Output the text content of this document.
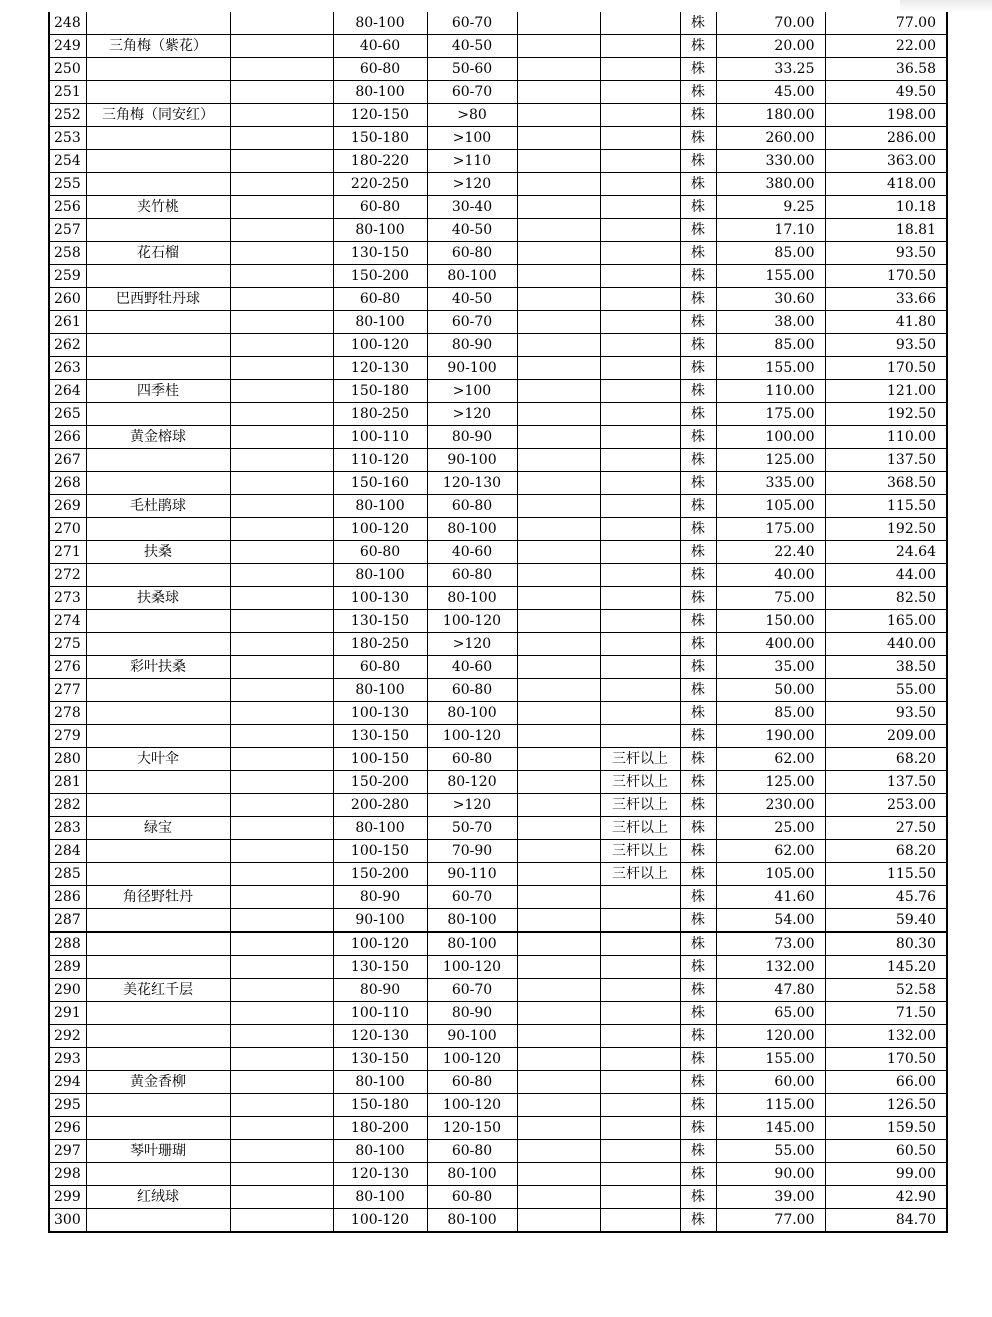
248			80-100	60-70			株	70.00	77.00
249	三角梅（紫花）		40-60	40-50			株	20.00	22.00
250			60-80	50-60			株	33.25	36.58
251			80-100	60-70			株	45.00	49.50
252	三角梅（同安红）		120-150	>80			株	180.00	198.00
253			150-180	>100			株	260.00	286.00
254			180-220	>110			株	330.00	363.00
255			220-250	>120			株	380.00	418.00
256	夹竹桃		60-80	30-40			株	9.25	10.18
257			80-100	40-50			株	17.10	18.81
258	花石榴		130-150	60-80			株	85.00	93.50
259			150-200	80-100			株	155.00	170.50
260	巴西野牡丹球		60-80	40-50			株	30.60	33.66
261			80-100	60-70			株	38.00	41.80
262			100-120	80-90			株	85.00	93.50
263			120-130	90-100			株	155.00	170.50
264	四季桂		150-180	>100			株	110.00	121.00
265			180-250	>120			株	175.00	192.50
266	黄金榕球		100-110	80-90			株	100.00	110.00
267			110-120	90-100			株	125.00	137.50
268			150-160	120-130			株	335.00	368.50
269	毛杜鹃球		80-100	60-80			株	105.00	115.50
270			100-120	80-100			株	175.00	192.50
271	扶桑		60-80	40-60			株	22.40	24.64
272			80-100	60-80			株	40.00	44.00
273	扶桑球		100-130	80-100			株	75.00	82.50
274			130-150	100-120			株	150.00	165.00
275			180-250	>120			株	400.00	440.00
276	彩叶扶桑		60-80	40-60			株	35.00	38.50
277			80-100	60-80			株	50.00	55.00
278			100-130	80-100			株	85.00	93.50
279			130-150	100-120			株	190.00	209.00
280	大叶伞		100-150	60-80		三杆以上	株	62.00	68.20
281			150-200	80-120		三杆以上	株	125.00	137.50
282			200-280	>120		三杆以上	株	230.00	253.00
283	绿宝		80-100	50-70		三杆以上	株	25.00	27.50
284			100-150	70-90		三杆以上	株	62.00	68.20
285			150-200	90-110		三杆以上	株	105.00	115.50
286	角径野牡丹		80-90	60-70			株	41.60	45.76
287			90-100	80-100			株	54.00	59.40
288			100-120	80-100			株	73.00	80.30
289			130-150	100-120			株	132.00	145.20
290	美花红千层		80-90	60-70			株	47.80	52.58
291			100-110	80-90			株	65.00	71.50
292			120-130	90-100			株	120.00	132.00
293			130-150	100-120			株	155.00	170.50
294	黄金香柳		80-100	60-80			株	60.00	66.00
295			150-180	100-120			株	115.00	126.50
296			180-200	120-150			株	145.00	159.50
297	琴叶珊瑚		80-100	60-80			株	55.00	60.50
298			120-130	80-100			株	90.00	99.00
299	红绒球		80-100	60-80			株	39.00	42.90
300			100-120	80-100			株	77.00	84.70
